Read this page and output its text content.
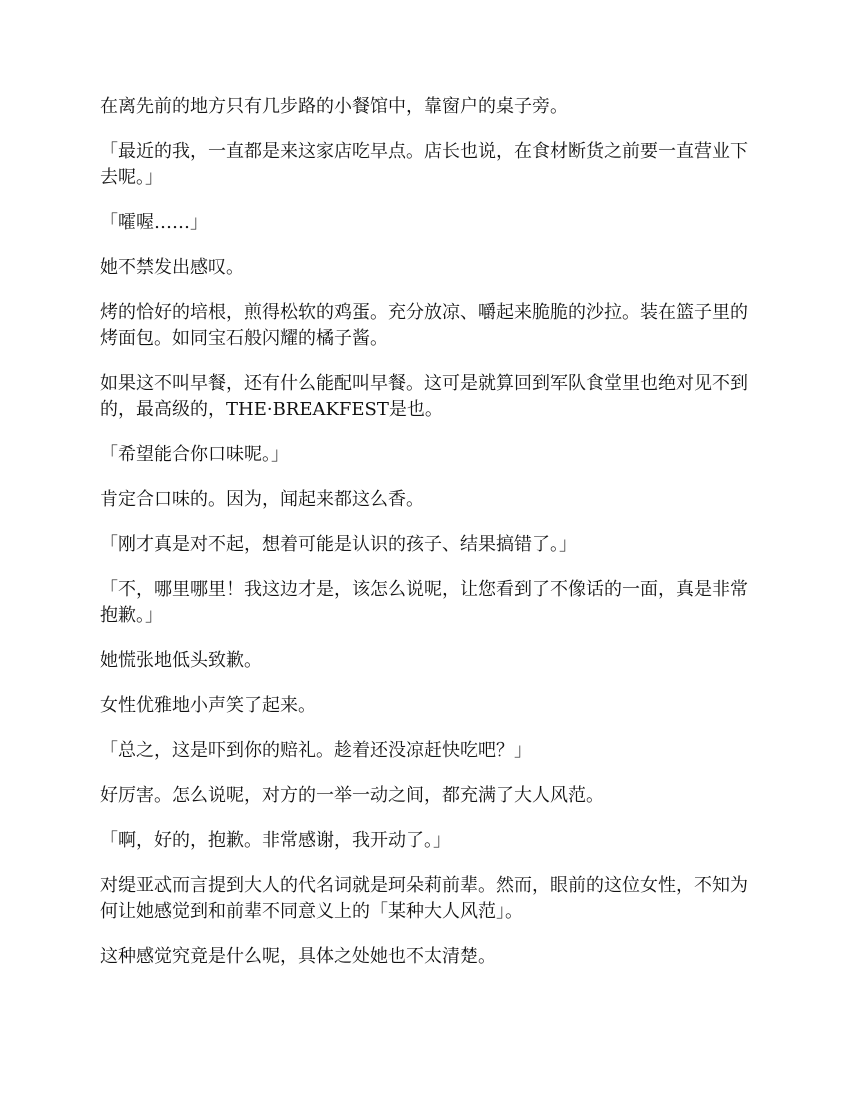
在离先前的地方只有几步路的小餐馆中，靠窗户的桌子旁。

「最近的我，一直都是来这家店吃早点。店长也说，在食材断货之前要一直营业下去呢。」

「嚯喔……」

她不禁发出感叹。

烤的恰好的培根，煎得松软的鸡蛋。充分放凉、嚼起来脆脆的沙拉。装在篮子里的烤面包。如同宝石般闪耀的橘子酱。

如果这不叫早餐，还有什么能配叫早餐。这可是就算回到军队食堂里也绝对见不到的，最高级的，THE·BREAKFEST是也。

「希望能合你口味呢。」

肯定合口味的。因为，闻起来都这么香。

「刚才真是对不起，想着可能是认识的孩子、结果搞错了。」

「不，哪里哪里！我这边才是，该怎么说呢，让您看到了不像话的一面，真是非常抱歉。」

她慌张地低头致歉。

女性优雅地小声笑了起来。

「总之，这是吓到你的赔礼。趁着还没凉赶快吃吧？」

好厉害。怎么说呢，对方的一举一动之间，都充满了大人风范。

「啊，好的，抱歉。非常感谢，我开动了。」

对缇亚忒而言提到大人的代名词就是珂朵莉前辈。然而，眼前的这位女性，不知为何让她感觉到和前辈不同意义上的「某种大人风范」。

这种感觉究竟是什么呢，具体之处她也不太清楚。
